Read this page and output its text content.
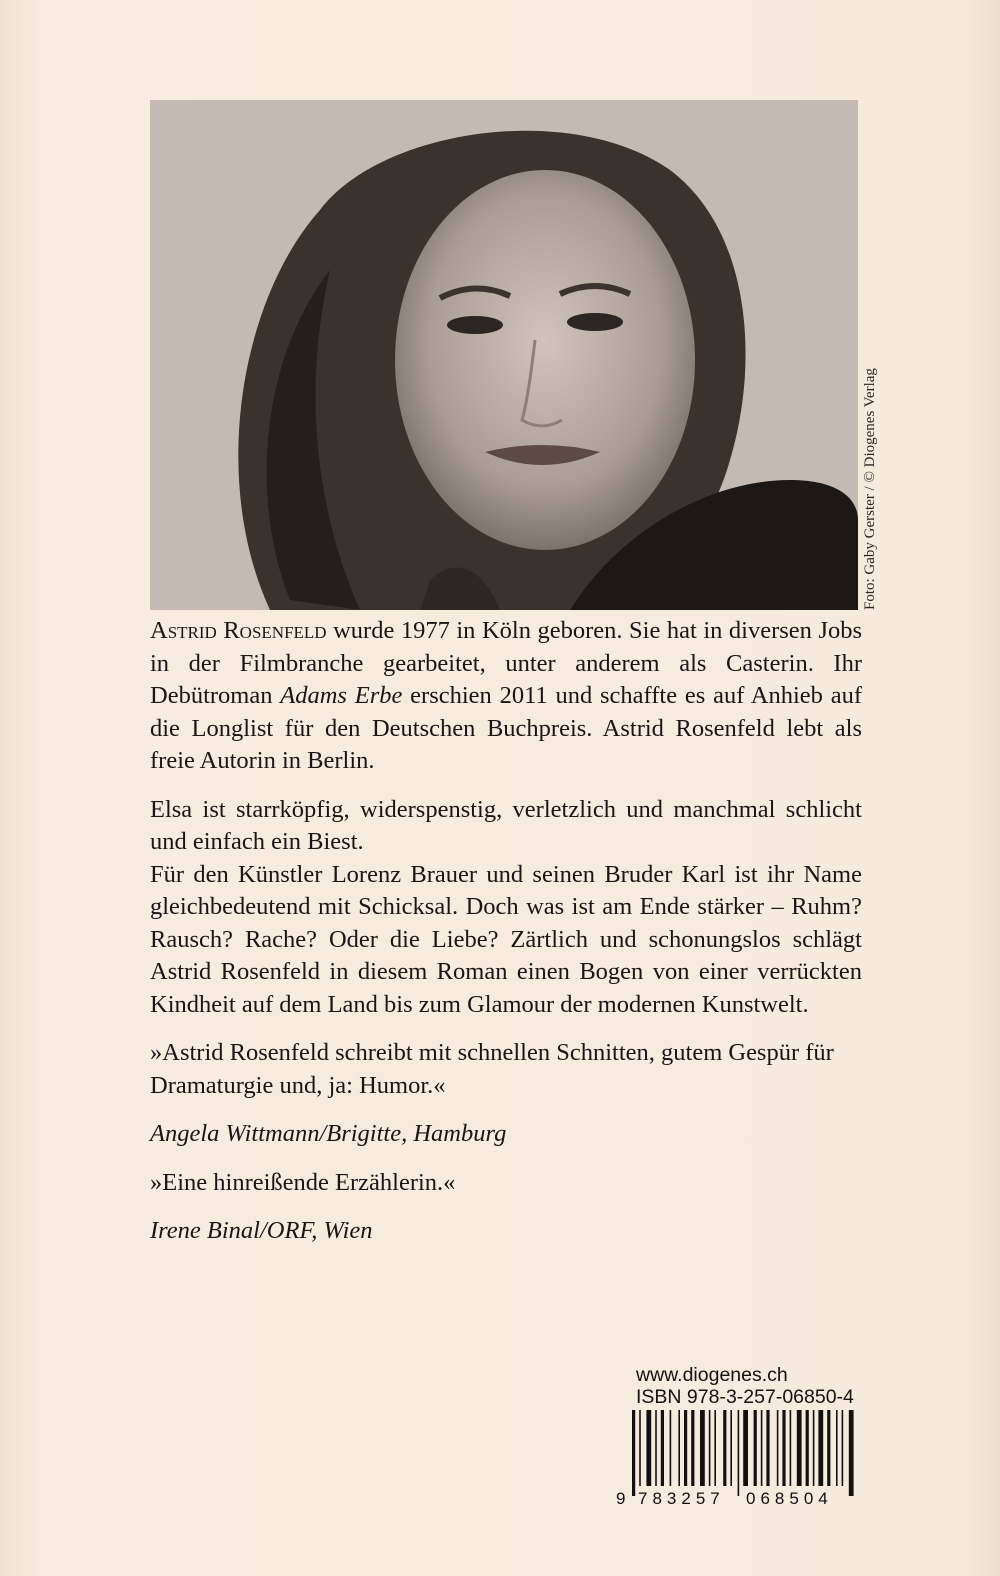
Foto: Gaby Gerster / © Diogenes Verlag

Astrid Rosenfeld wurde 1977 in Köln geboren. Sie hat in diversen Jobs in der Filmbranche gearbeitet, unter anderem als Casterin. Ihr Debütroman Adams Erbe erschien 2011 und schaffte es auf Anhieb auf die Longlist für den Deutschen Buchpreis. Astrid Rosenfeld lebt als freie Autorin in Berlin.

Elsa ist starrköpfig, widerspenstig, verletzlich und manchmal schlicht und einfach ein Biest.
Für den Künstler Lorenz Brauer und seinen Bruder Karl ist ihr Name gleichbedeutend mit Schicksal. Doch was ist am Ende stärker – Ruhm? Rausch? Rache? Oder die Liebe? Zärtlich und schonungslos schlägt Astrid Rosenfeld in diesem Roman einen Bogen von einer verrückten Kindheit auf dem Land bis zum Glamour der modernen Kunstwelt.

»Astrid Rosenfeld schreibt mit schnellen Schnitten, gutem Gespür für Dramaturgie und, ja: Humor.«

Angela Wittmann/Brigitte, Hamburg

»Eine hinreißende Erzählerin.«

Irene Binal/ORF, Wien

www.diogenes.ch
ISBN 978-3-257-06850-4
9 783257 068504
